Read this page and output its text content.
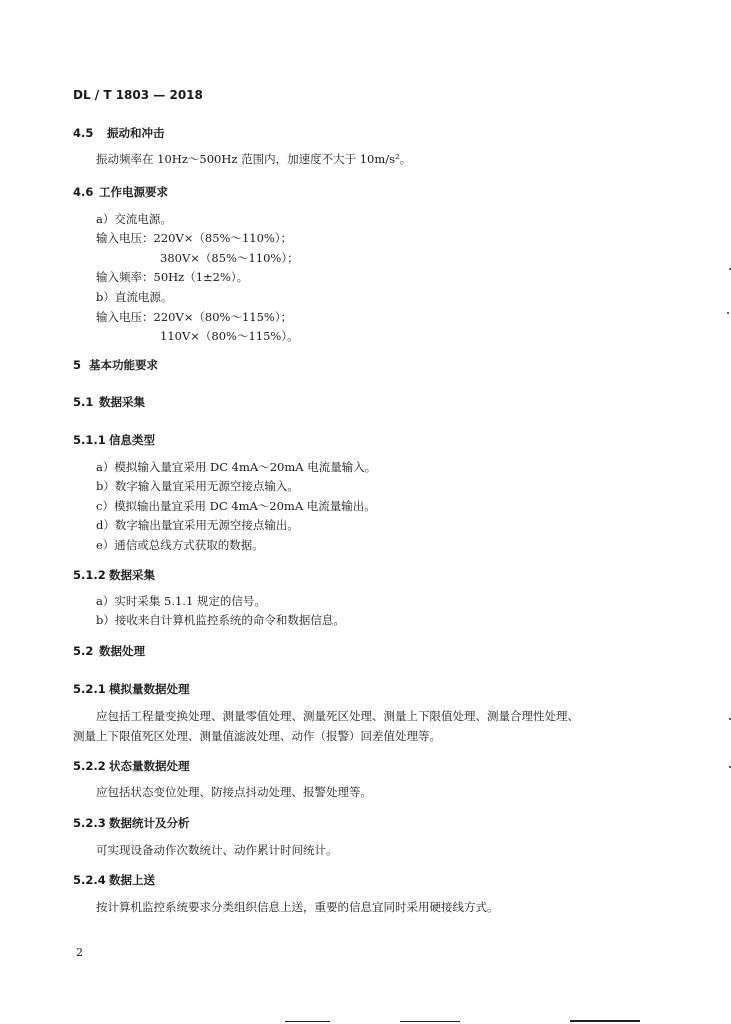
DL / T 1803 — 2018
4.5 振动和冲击
振动频率在 10Hz～500Hz 范围内，加速度不大于 10m/s²。
4.6 工作电源要求
a）交流电源。
输入电压：220V×（85%～110%）；
380V×（85%～110%）；
输入频率：50Hz（1±2%）。
b）直流电源。
输入电压：220V×（80%～115%）；
110V×（80%～115%）。
5 基本功能要求
5.1 数据采集
5.1.1 信息类型
a）模拟输入量宜采用 DC 4mA～20mA 电流量输入。
b）数字输入量宜采用无源空接点输入。
c）模拟输出量宜采用 DC 4mA～20mA 电流量输出。
d）数字输出量宜采用无源空接点输出。
e）通信或总线方式获取的数据。
5.1.2 数据采集
a）实时采集 5.1.1 规定的信号。
b）接收来自计算机监控系统的命令和数据信息。
5.2 数据处理
5.2.1 模拟量数据处理
应包括工程量变换处理、测量零值处理、测量死区处理、测量上下限值处理、测量合理性处理、
测量上下限值死区处理、测量值滤波处理、动作（报警）回差值处理等。
5.2.2 状态量数据处理
应包括状态变位处理、防接点抖动处理、报警处理等。
5.2.3 数据统计及分析
可实现设备动作次数统计、动作累计时间统计。
5.2.4 数据上送
按计算机监控系统要求分类组织信息上送，重要的信息宜同时采用硬接线方式。
2
